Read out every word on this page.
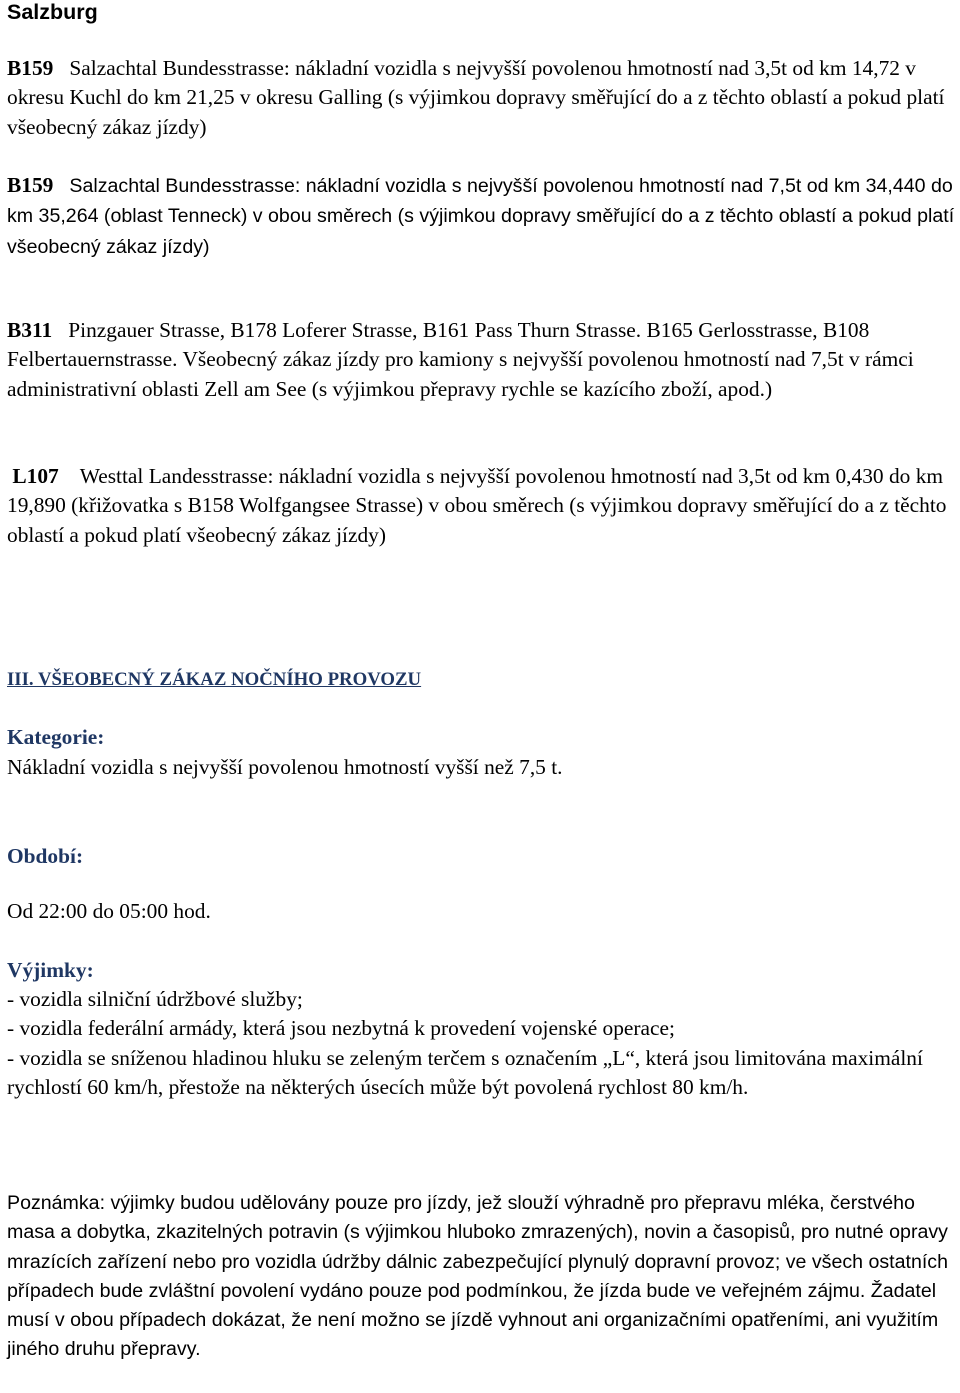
Salzburg

B159 Salzachtal Bundesstrasse: nákladní vozidla s nejvyšší povolenou hmotností nad 3,5t od km 14,72 v okresu Kuchl do km 21,25 v okresu Galling (s výjimkou dopravy směřující do a z těchto oblastí a pokud platí všeobecný zákaz jízdy)

B159 Salzachtal Bundesstrasse: nákladní vozidla s nejvyšší povolenou hmotností nad 7,5t od km 34,440 do km 35,264 (oblast Tenneck) v obou směrech (s výjimkou dopravy směřující do a z těchto oblastí a pokud platí všeobecný zákaz jízdy)

B311 Pinzgauer Strasse, B178 Loferer Strasse, B161 Pass Thurn Strasse. B165 Gerlosstrasse, B108 Felbertauernstrasse. Všeobecný zákaz jízdy pro kamiony s nejvyšší povolenou hmotností nad 7,5t v rámci administrativní oblasti Zell am See (s výjimkou přepravy rychle se kazícího zboží, apod.)

L107 Westtal Landesstrasse: nákladní vozidla s nejvyšší povolenou hmotností nad 3,5t od km 0,430 do km 19,890 (křižovatka s B158 Wolfgangsee Strasse) v obou směrech (s výjimkou dopravy směřující do a z těchto oblastí a pokud platí všeobecný zákaz jízdy)

III. VŠEOBECNÝ ZÁKAZ NOČNÍHO PROVOZU
Kategorie:
Nákladní vozidla s nejvyšší povolenou hmotností vyšší než 7,5 t.
Období:
Od 22:00 do 05:00 hod.
Výjimky:
- vozidla silniční údržbové služby;
- vozidla federální armády, která jsou nezbytná k provedení vojenské operace;
- vozidla se sníženou hladinou hluku se zeleným terčem s označením „L“, která jsou limitována maximální rychlostí 60 km/h, přestože na některých úsecích může být povolená rychlost 80 km/h.

Poznámka: výjimky budou udělovány pouze pro jízdy, jež slouží výhradně pro přepravu mléka, čerstvého masa a dobytka, zkazitelných potravin (s výjimkou hluboko zmrazených), novin a časopisů, pro nutné opravy mrazících zařízení nebo pro vozidla údržby dálnic zabezpečující plynulý dopravní provoz; ve všech ostatních případech bude zvláštní povolení vydáno pouze pod podmínkou, že jízda bude ve veřejném zájmu. Žadatel musí v obou případech dokázat, že není možno se jízdě vyhnout ani organizačními opatřeními, ani využitím jiného druhu přepravy.
